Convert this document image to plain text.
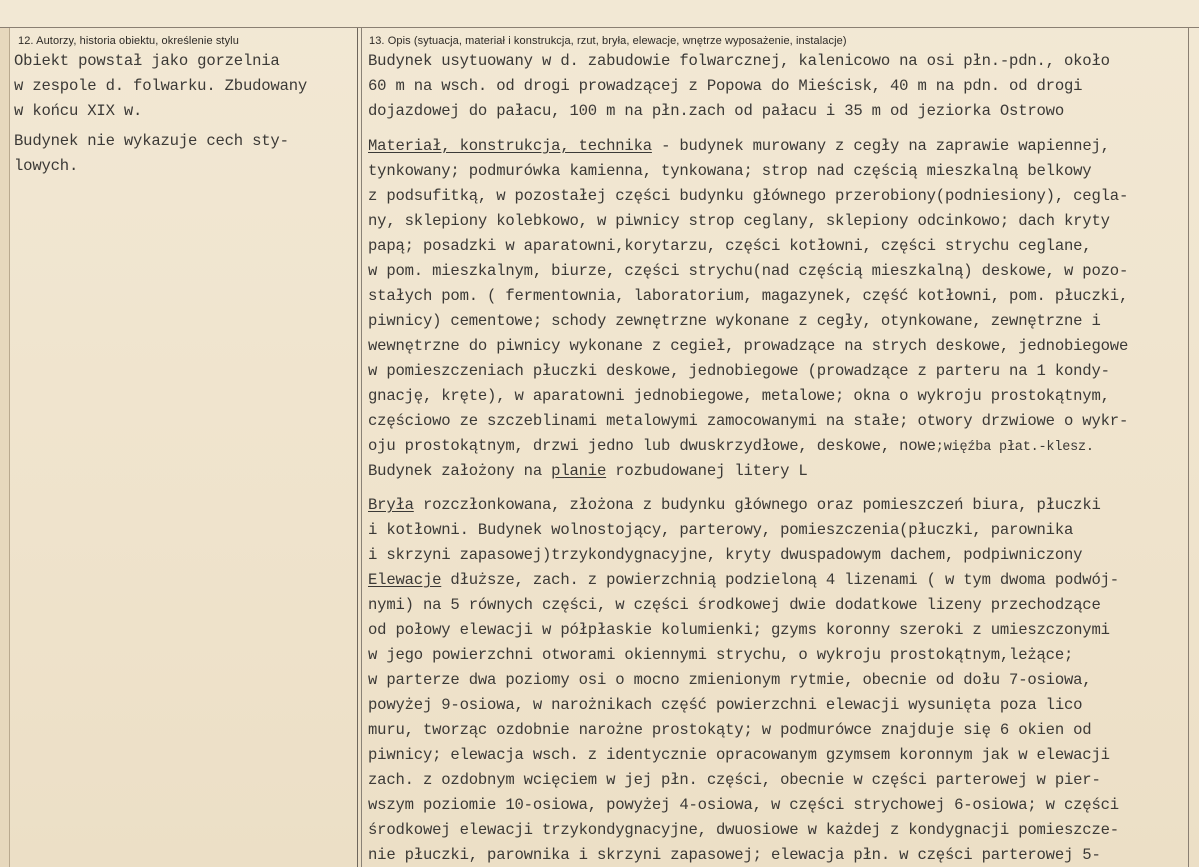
12. Autorzy, historia obiektu, określenie stylu	13. Opis (sytuacja, materiał i konstrukcja, rzut, bryła, elewacje, wnętrze wyposażenie, instalacje)
Obiekt powstał jako gorzelnia
w zespole d. folwarku. Zbudowany
w końcu XIX w.
Budynek nie wykazuje cech sty-
lowych.
Budynek usytuowany w d. zabudowie folwarcznej, kalenicowo na osi płn.-pdn., około
60 m na wsch. od drogi prowadzącej z Popowa do Mieścisk, 40 m na pdn. od drogi
dojazdowej do pałacu, 100 m na płn.zach od pałacu i 35 m od jeziorka Ostrowo
Materiał, konstrukcja, technika - budynek murowany z cegły na zaprawie wapiennej,
tynkowany; podmurówka kamienna, tynkowana; strop nad częścią mieszkalną belkowy
z podsufitką, w pozostałej części budynku głównego przerobiony(podniesiony), cegla-
ny, sklepiony kolebkowo, w piwnicy strop ceglany, sklepiony odcinkowo; dach kryty
papą; posadzki w aparatowni,korytarzu, części kotłowni, części strychu ceglane,
w pom. mieszkalnym, biurze, części strychu(nad częścią mieszkalną) deskowe, w pozo-
stałych pom. ( fermentownia, laboratorium, magazynek, część kotłowni, pom. płuczki,
piwnicy) cementowe; schody zewnętrzne wykonane z cegły, otynkowane, zewnętrzne i
wewnętrzne do piwnicy wykonane z cegieł, prowadzące na strych deskowe, jednobiegowe
w pomieszczeniach płuczki deskowe, jednobiegowe (prowadzące z parteru na 1 kondy-
gnację, kręte), w aparatowni jednobiegowe, metalowe; okna o wykroju prostokątnym,
częściowo ze szczeblinami metalowymi zamocowanymi na stałe; otwory drzwiowe o wykr-
oju prostokątnym, drzwi jedno lub dwuskrzydłowe, deskowe, nowe;więźba płat.-klesz.
Budynek założony na planie rozbudowanej litery L
Bryła rozczłonkowana, złożona z budynku głównego oraz pomieszczeń biura, płuczki
i kotłowni. Budynek wolnostojący, parterowy, pomieszczenia(płuczki, parownika
i skrzyni zapasowej)trzykondygnacyjne, kryty dwuspadowym dachem, podpiwniczony
Elewacje dłuższe, zach. z powierzchnią podzieloną 4 lizenami ( w tym dwoma podwój-
nymi) na 5 równych części, w części środkowej dwie dodatkowe lizeny przechodzące
od połowy elewacji w półpłaskie kolumienki; gzyms koronny szeroki z umieszczonymi
w jego powierzchni otworami okiennymi strychu, o wykroju prostokątnym,leżące;
w parterze dwa poziomy osi o mocno zmienionym rytmie, obecnie od dołu 7-osiowa,
powyżej 9-osiowa, w narożnikach część powierzchni elewacji wysunięta poza lico
muru, tworząc ozdobnie narożne prostokąty; w podmurówce znajduje się 6 okien od
piwnicy; elewacja wsch. z identycznie opracowanym gzymsem koronnym jak w elewacji
zach. z ozdobnym wcięciem w jej płn. części, obecnie w części parterowej w pier-
wszym poziomie 10-osiowa, powyżej 4-osiowa, w części strychowej 6-osiowa; w części
środkowej elewacji trzykondygnacyjne, dwuosiowe w każdej z kondygnacji pomieszcze-
nie płuczki, parownika i skrzyni zapasowej; elewacja płn. w części parterowej 5-
